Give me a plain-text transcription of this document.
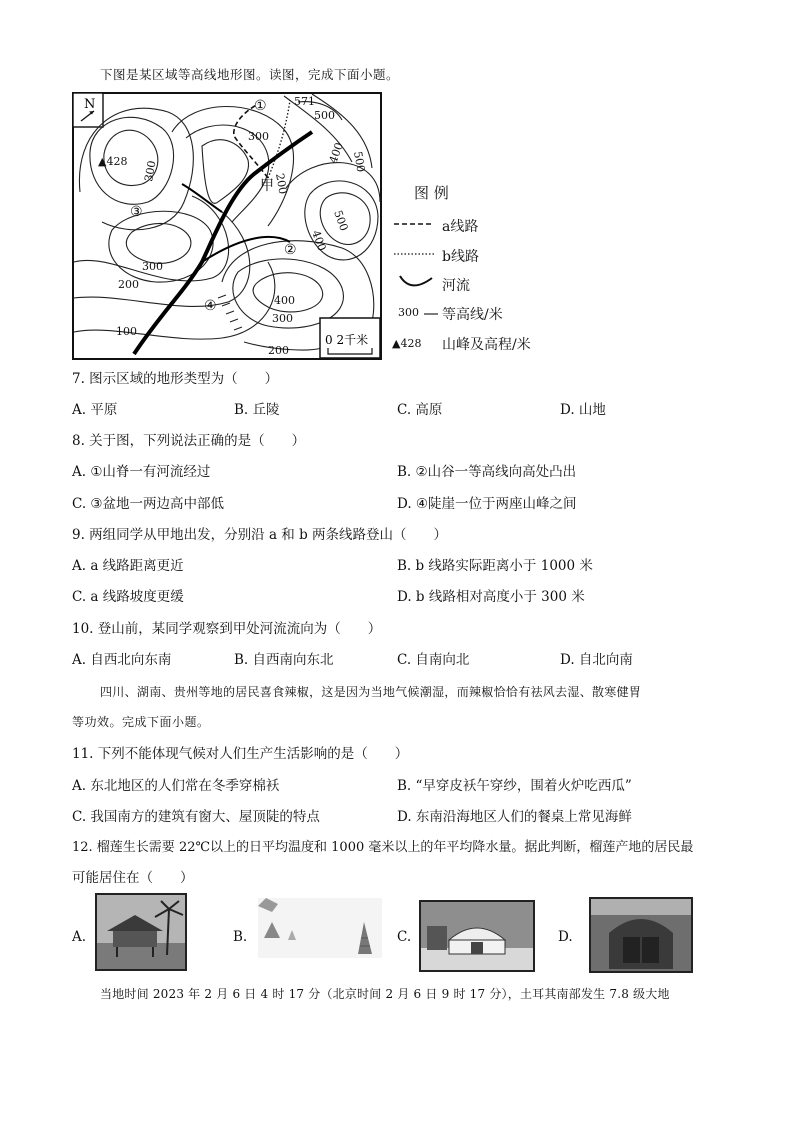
下图是某区域等高线地形图。读图，完成下面小题。
N
▲428
571
500
400 500
500
300
300
300
200
200
400
400
300
200
100
甲
①
②
③
④
0 2千米
图 例
a线路
b线路
河流
300 等高线/米
▲428 山峰及高程/米
7. 图示区域的地形类型为（　　）
A. 平原	B. 丘陵	C. 高原	D. 山地
8. 关于图，下列说法正确的是（　　）
A. ①山脊一有河流经过	B. ②山谷一等高线向高处凸出
C. ③盆地一两边高中部低	D. ④陡崖一位于两座山峰之间
9. 两组同学从甲地出发，分别沿 a 和 b 两条线路登山（　　）
A. a 线路距离更近	B. b 线路实际距离小于 1000 米
C. a 线路坡度更缓	D. b 线路相对高度小于 300 米
10. 登山前，某同学观察到甲处河流流向为（　　）
A. 自西北向东南	B. 自西南向东北	C. 自南向北	D. 自北向南
四川、湖南、贵州等地的居民喜食辣椒，这是因为当地气候潮湿，而辣椒恰恰有祛风去湿、散寒健胃
等功效。完成下面小题。
11. 下列不能体现气候对人们生产生活影响的是（　　）
A. 东北地区的人们常在冬季穿棉袄	B. “早穿皮袄午穿纱，围着火炉吃西瓜”
C. 我国南方的建筑有窗大、屋顶陡的特点	D. 东南沿海地区人们的餐桌上常见海鲜
12. 榴莲生长需要 22℃以上的日平均温度和 1000 毫米以上的年平均降水量。据此判断，榴莲产地的居民最
可能居住在（　　）
A.	B.	C.	D.
当地时间 2023 年 2 月 6 日 4 时 17 分（北京时间 2 月 6 日 9 时 17 分），土耳其南部发生 7.8 级大地
